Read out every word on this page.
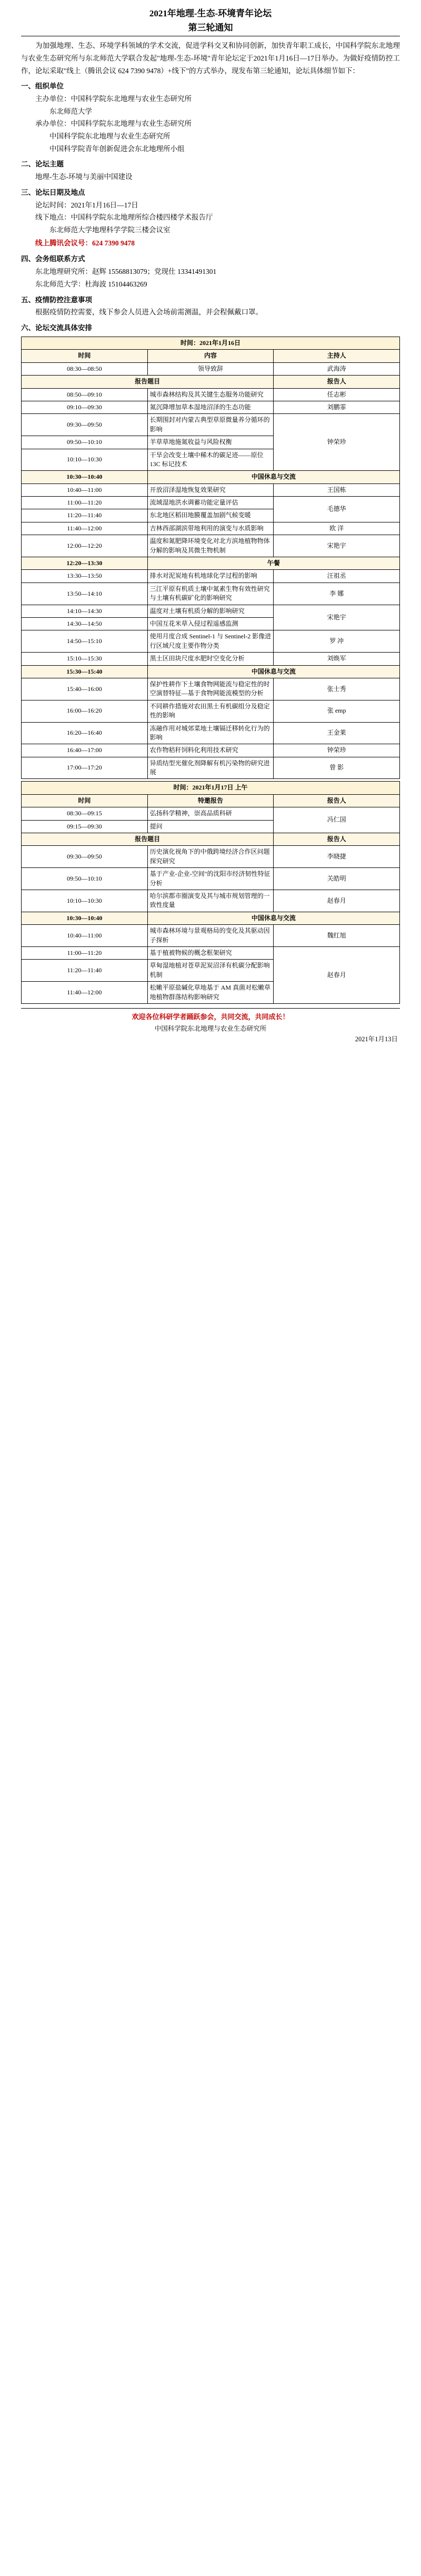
2021年地理-生态-环境青年论坛
第三轮通知

为加强地理、生态、环境学科领域的学术交流，促进学科交叉和协同创新，加快青年职工成长，中国科学院东北地理与农业生态研究所与东北师范大学联合发起"地理-生态-环境"青年论坛定于2021年1月16日—17日举办。为做好疫情防控工作，论坛采取"线上（腾讯会议 624 7390 9478）+线下"的方式举办，现发布第三轮通知，论坛具体细节如下：

一、组织单位
主办单位：中国科学院东北地理与农业生态研究所
东北师范大学
承办单位：中国科学院东北地理与农业生态研究所
中国科学院东北地理与农业生态研究所
中国科学院青年创新促进会东北地理所小组
二、论坛主题
地理-生态-环境与美丽中国建设
三、论坛日期及地点
论坛时间：2021年1月16日—17日
线下地点：中国科学院东北地理所综合楼四楼学术报告厅
东北师范大学地理科学学院三楼会议室
线上腾讯会议号：624 7390 9478
四、会务组联系方式
东北地理研究所：赵辉 15568813079；党现仕 13341491301
东北师范大学：杜海波 15104463269
五、疫情防控注意事项
根据疫情防控需要，线下参会人员进入会场前需测温，并会程佩戴口罩。
六、论坛交流具体安排
时间：2021年1月16日		
时间	内容	主持人
08:30—08:50	领导致辞	武海涛
报告题目		报告人
08:50—09:10	城市森林结构及其关键生态服务功能研究	任志彬
09:10—09:30	氮沉降增加草本湿地沼泽的生态功能	刘鹏霏
09:30—09:50	长期围封对内蒙古典型草原微量养分循环的影响	钟荣珍
09:50—10:10	羊草草地施氮收益与风险权衡	
10:10—10:30	干旱会改变土壤中稀木的碳足迹——原位 13C 标记技术	
10:30—10:40	中国休息与交流	
10:40—11:00	开放沼泽湿地恢复效果研究	王国栋
11:00—11:20	流域湿地洪水调蓄功能定量评估	毛德华
11:20—11:40	东北地区稻田地膜覆盖加剧气候变暖	
11:40—12:00	吉林西部湖滨带地利用的演变与水质影响	欧 洋
12:00—12:20	温度和氮肥降环境变化对北方滨地植物物体分解的影响及其微生物机制	宋艳宇
12:20—13:30	午餐	
13:30—13:50	排水对泥炭地有机地球化学过程的影响	汪祖丞
13:50—14:10	三江平原有机质土壤中氮素生物有效性研究与土壤有机碳矿化的影响研究	李 娜
14:10—14:30	温度对土壤有机质分解的影响研究	宋艳宇
14:30—14:50	中国互花米草入侵过程遥感监测	
14:50—15:10	使用月度合成 Sentinel-1 与 Sentinel-2 影像进行区域尺度主要作物分类	罗 冲
15:10—15:30	黑土区田块尺度水肥时空变化分析	刘焕军
15:30—15:40	中国休息与交流	
15:40—16:00	保护性耕作下土壤食物网能流与稳定性的时空演替特征—基于食物网能流模型的分析	张士秀
16:00—16:20	不同耕作措施对农田黑土有机碳组分及稳定性的影响	张 emp
16:20—16:40	冻融作用对城郊菜地土壤镉迁移转化行为的影响	王金莱
16:40—17:00	农作物秸秆饲料化利用技术研究	钟荣珍
17:00—17:20	异质结型光催化剂降解有机污染物的研究进展	曾 影
时间：2021年1月17日 上午		
时间	特邀报告	报告人
08:30—09:15	弘扬科学精神，崇高品质科研	冯仁国
09:15—09:30	提问	
报告题目		报告人
09:30—09:50	历史演化视角下的中俄跨境经济合作区问题探究研究	李晓捷
09:50—10:10	基于产业-企业-空间"的沈阳市经济韧性特征分析	关皓明
10:10—10:30	哈尔滨都市圈演变及其与城市规划管理的一致性度量	赵春月
10:30—10:40	中国休息与交流	
10:40—11:00	城市森林环境与景观格局的变化及其驱动因子探析	魏红旭
11:00—11:20	基于植被物候的概念框架研究	赵春月
11:20—11:40	草甸湿地植对苍草泥炭沼泽有机碳分配影响机制	
11:40—12:00	松嫩平原盐碱化草地基于 AM 真菌对松嫩草地植物群落结构影响研究	
欢迎各位科研学者踊跃参会，共同交流，共同成长！
中国科学院东北地理与农业生态研究所
2021年1月13日
